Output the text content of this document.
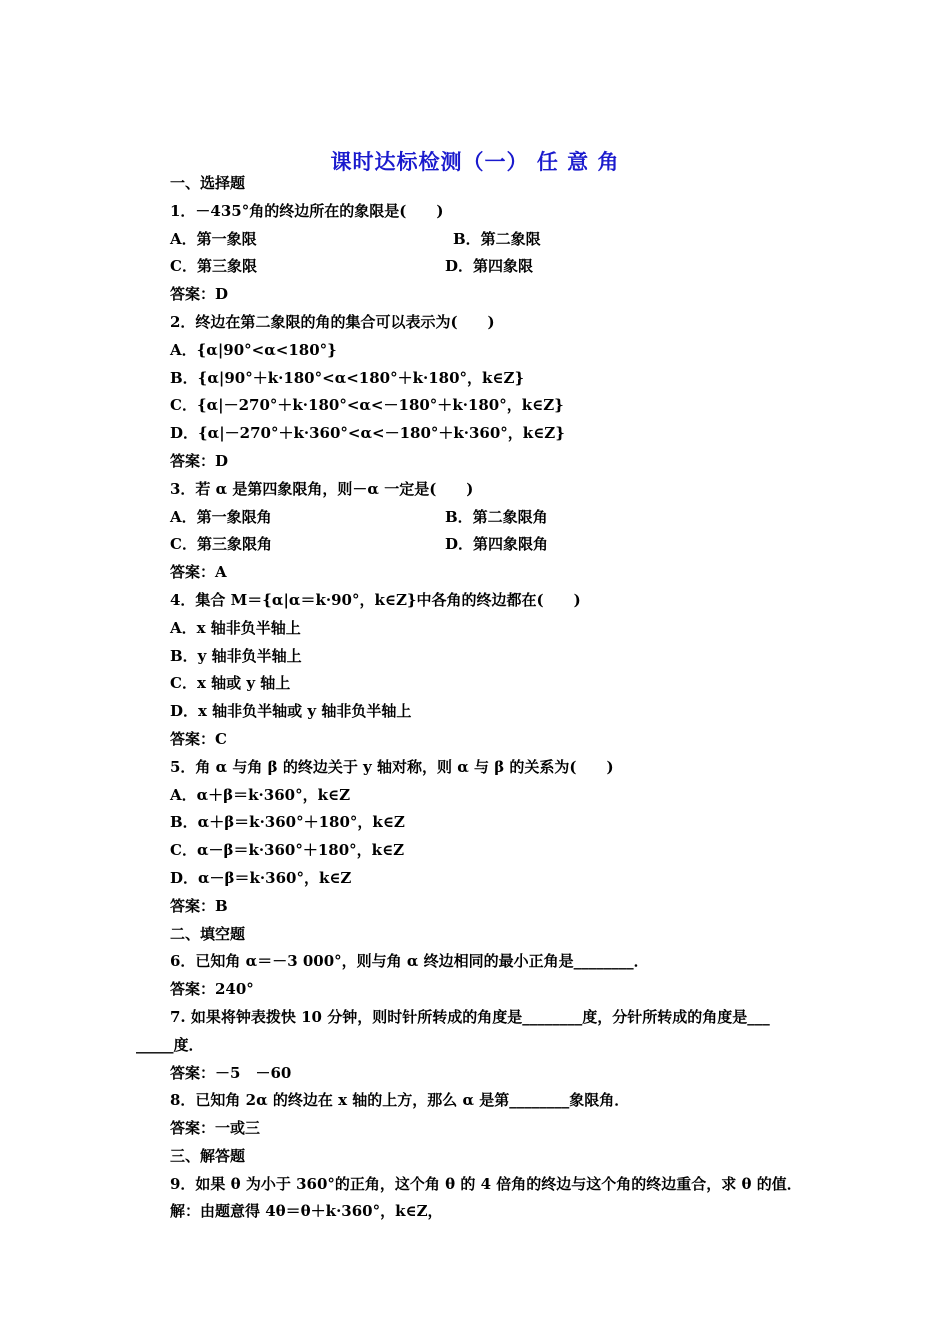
课时达标检测（一） 任 意 角
一、选择题
1．－435°角的终边所在的象限是(　　)
A．第一象限	B．第二象限
C．第三象限	D．第四象限
答案：D
2．终边在第二象限的角的集合可以表示为(　　)
A．{α|90°<α<180°}
B．{α|90°＋k·180°<α<180°＋k·180°，k∈Z}
C．{α|－270°＋k·180°<α<－180°＋k·180°，k∈Z}
D．{α|－270°＋k·360°<α<－180°＋k·360°，k∈Z}
答案：D
3．若 α 是第四象限角，则－α 一定是(　　)
A．第一象限角	B．第二象限角
C．第三象限角	D．第四象限角
答案：A
4．集合 M＝{α|α＝k·90°，k∈Z}中各角的终边都在(　　)
A．x 轴非负半轴上
B．y 轴非负半轴上
C．x 轴或 y 轴上
D．x 轴非负半轴或 y 轴非负半轴上
答案：C
5．角 α 与角 β 的终边关于 y 轴对称，则 α 与 β 的关系为(　　)
A．α＋β＝k·360°，k∈Z
B．α＋β＝k·360°＋180°，k∈Z
C．α－β＝k·360°＋180°，k∈Z
D．α－β＝k·360°，k∈Z
答案：B
二、填空题
6．已知角 α＝－3 000°，则与角 α 终边相同的最小正角是________．
答案：240°
7. 如果将钟表拨快 10 分钟，则时针所转成的角度是________度，分针所转成的角度是___
_____度．
答案：－5　－60
8．已知角 2α 的终边在 x 轴的上方，那么 α 是第________象限角．
答案：一或三
三、解答题
9．如果 θ 为小于 360°的正角，这个角 θ 的 4 倍角的终边与这个角的终边重合，求 θ 的值．
解：由题意得 4θ＝θ＋k·360°，k∈Z，
